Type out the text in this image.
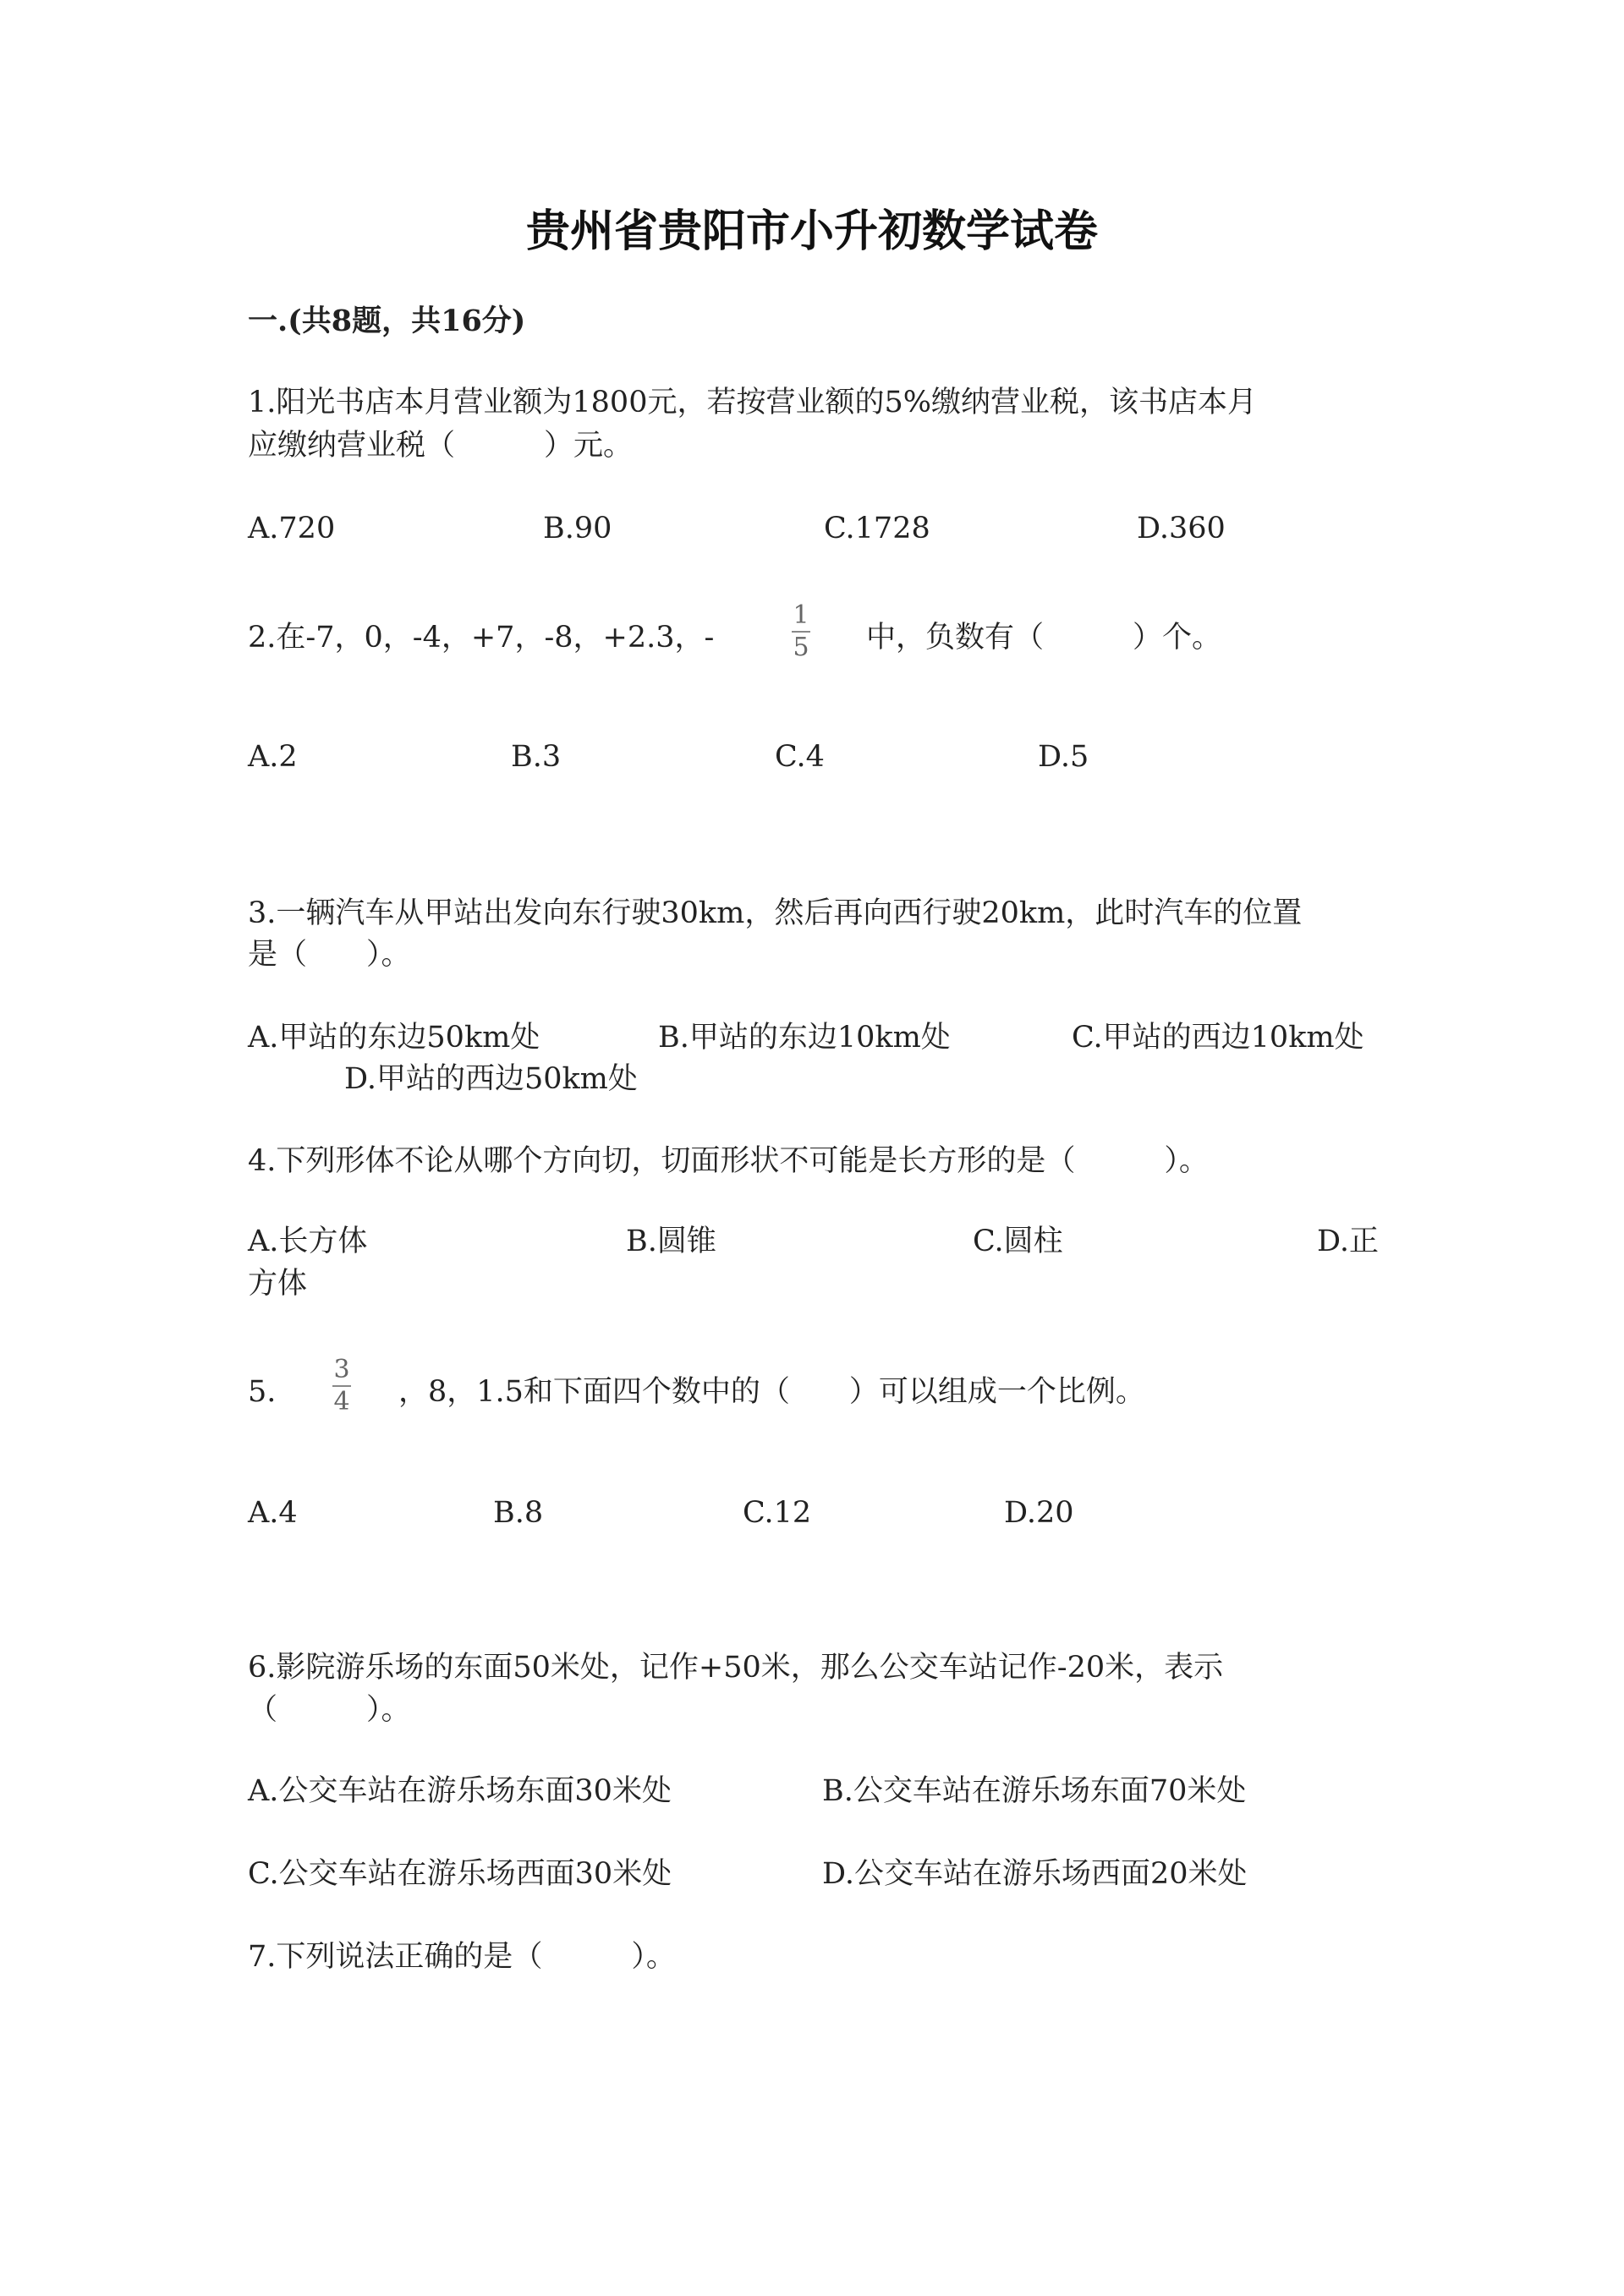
贵州省贵阳市小升初数学试卷
一.(共8题，共16分)
1.阳光书店本月营业额为1800元，若按营业额的5%缴纳营业税，该书店本月
应缴纳营业税（　　　）元。
A.720	B.90	C.1728	D.360
2.在-7，0，-4，+7，-8，+2.3，-
1
5 中，负数有（　　　）个。
A.2	B.3	C.4	D.5
3.一辆汽车从甲站出发向东行驶30km，然后再向西行驶20km，此时汽车的位置
是（　　）。
A.甲站的东边50km处	B.甲站的东边10km处	C.甲站的西边10km处
D.甲站的西边50km处
4.下列形体不论从哪个方向切，切面形状不可能是长方形的是（　　　）。
A.长方体	B.圆锥	C.圆柱	D.正
方体
5.
3
4 ，8，1.5和下面四个数中的（　　）可以组成一个比例。
A.4	B.8	C.12	D.20
6.影院游乐场的东面50米处，记作+50米，那么公交车站记作-20米，表示
（　　　）。
A.公交车站在游乐场东面30米处	B.公交车站在游乐场东面70米处
C.公交车站在游乐场西面30米处	D.公交车站在游乐场西面20米处
7.下列说法正确的是（　　　）。
